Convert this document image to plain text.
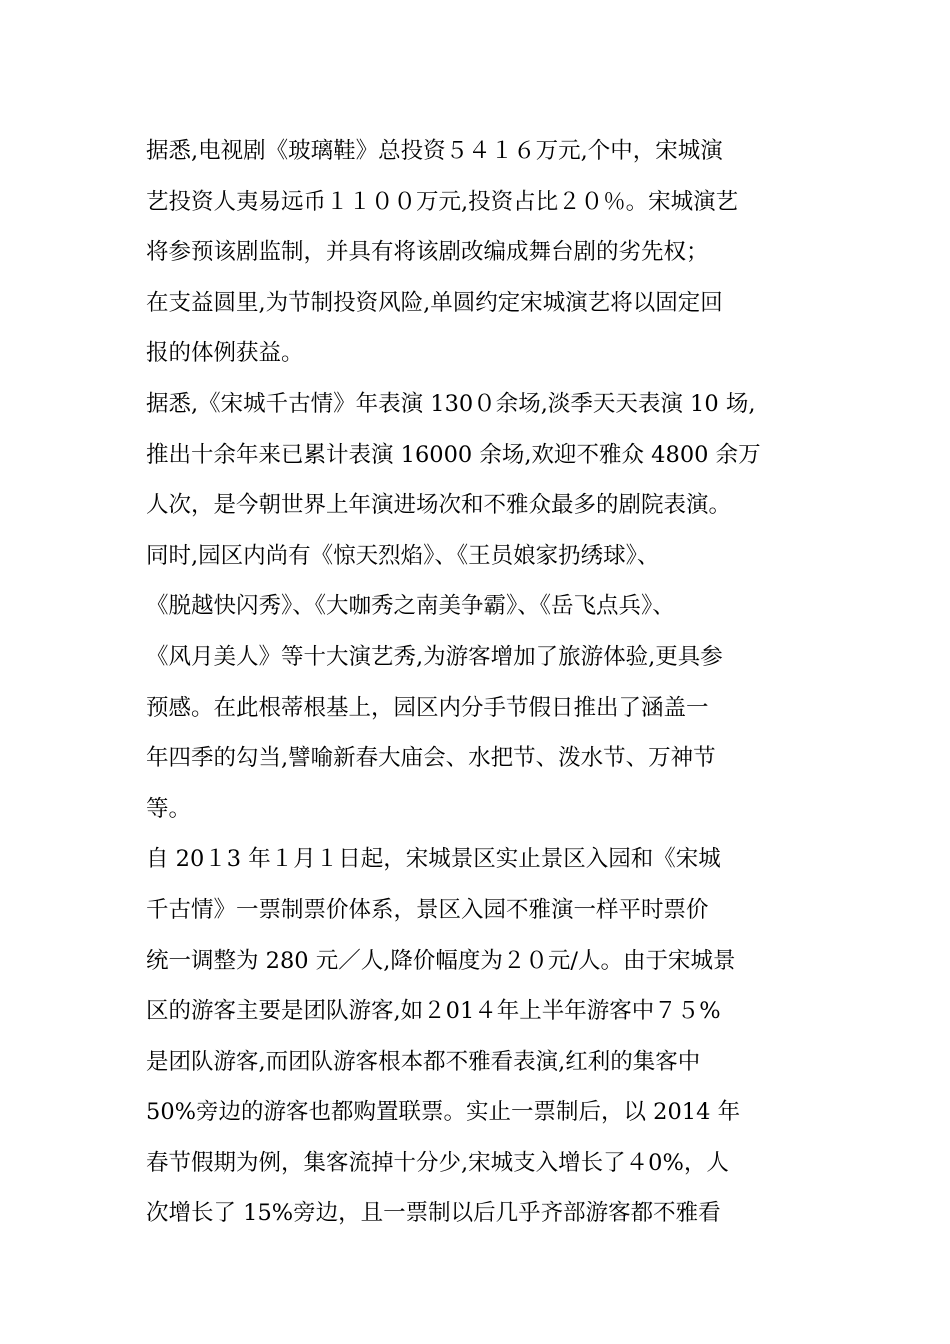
据悉,电视剧《玻璃鞋》总投资５４１６万元,个中，宋城演
艺投资人夷易远币１１００万元,投资占比２０％。宋城演艺
将参预该剧监制，并具有将该剧改编成舞台剧的劣先权；
在支益圆里,为节制投资风险,单圆约定宋城演艺将以固定回
报的体例获益。
据悉,《宋城千古情》年表演 130０余场,淡季天天表演 10 场,
推出十余年来已累计表演 16000 余场,欢迎不雅众 4800 余万
人次，是今朝世界上年演进场次和不雅众最多的剧院表演。
同时,园区内尚有《惊天烈焰》、《王员娘家扔绣球》、
《脱越快闪秀》、《大咖秀之南美争霸》、《岳飞点兵》、
《风月美人》等十大演艺秀,为游客增加了旅游体验,更具参
预感。在此根蒂根基上，园区内分手节假日推出了涵盖一
年四季的勾当,譬喻新春大庙会、水把节、泼水节、万神节
等。
自 20１3 年１月１日起，宋城景区实止景区入园和《宋城
千古情》一票制票价体系，景区入园不雅演一样平时票价
统一调整为 280 元／人,降价幅度为２０元/人。由于宋城景
区的游客主要是团队游客,如２01４年上半年游客中７５%
是团队游客,而团队游客根本都不雅看表演,红利的集客中
50%旁边的游客也都购置联票。实止一票制后，以 2014 年
春节假期为例，集客流掉十分少,宋城支入增长了４0%，人
次增长了 15%旁边，且一票制以后几乎齐部游客都不雅看
